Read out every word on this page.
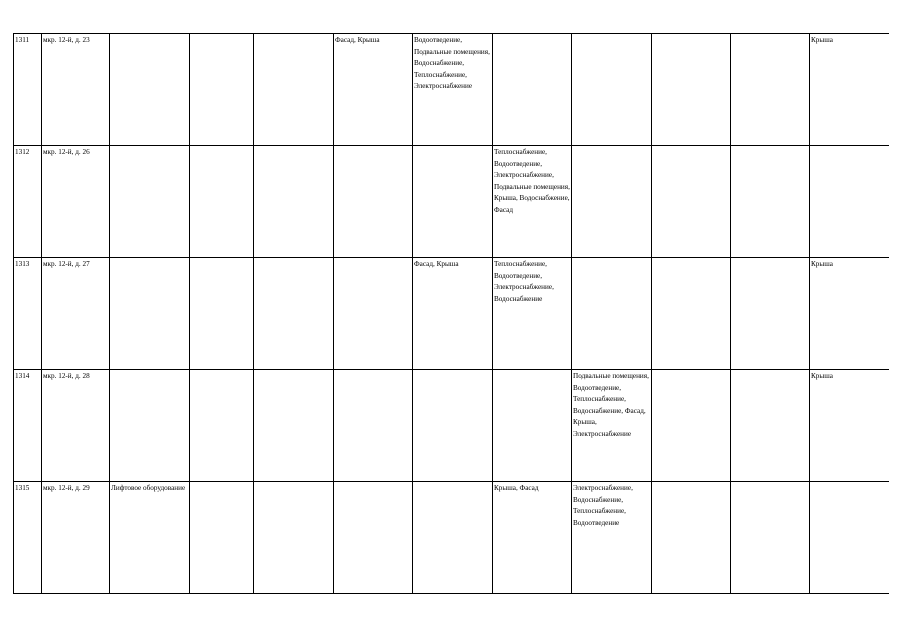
1311	мкр. 12-й, д. 23				Фасад, Крыша	Водоотведение, Подвальные помещения, Водоснабжение, Теплоснабжение, Электроснабжение					Крыша
1312	мкр. 12-й, д. 26						Теплоснабжение, Водоотведение, Электроснабжение, Подвальные помещения, Крыша, Водоснабжение, Фасад				
1313	мкр. 12-й, д. 27					Фасад, Крыша	Теплоснабжение, Водоотведение, Электроснабжение, Водоснабжение				Крыша
1314	мкр. 12-й, д. 28							Подвальные помещения, Водоотведение, Теплоснабжение, Водоснабжение, Фасад, Крыша, Электроснабжение			Крыша
1315	мкр. 12-й, д. 29	Лифтовое оборудование					Крыша, Фасад	Электроснабжение, Водоснабжение, Теплоснабжение, Водоотведение			
